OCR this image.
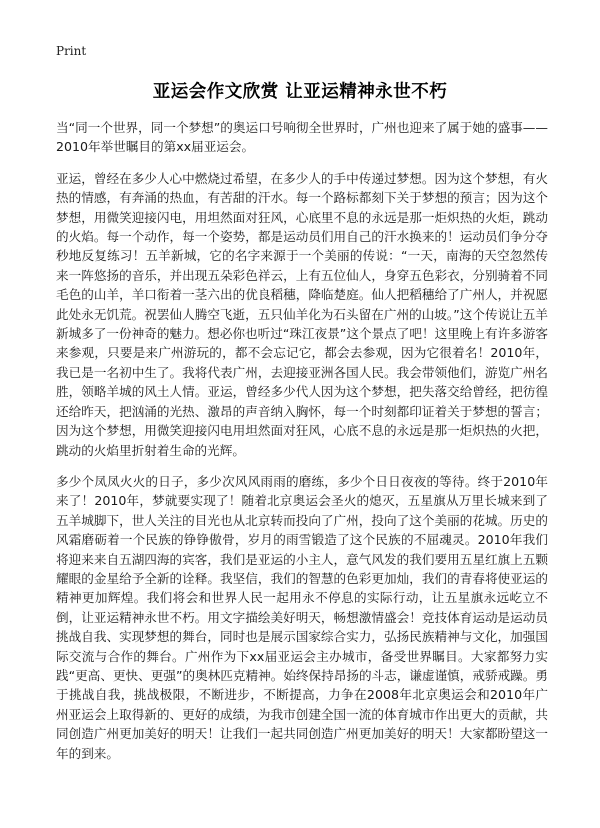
Print
亚运会作文欣赏 让亚运精神永世不朽

当“同一个世界，同一个梦想”的奥运口号响彻全世界时，广州也迎来了属于她的盛事——2010年举世瞩目的第xx届亚运会。

亚运，曾经在多少人心中燃烧过希望，在多少人的手中传递过梦想。因为这个梦想，有火热的情感，有奔涌的热血，有苦甜的汗水。每一个路标都刻下关于梦想的预言；因为这个梦想，用微笑迎接闪电，用坦然面对狂风，心底里不息的永远是那一炬炽热的火炬，跳动的火焰。每一个动作，每一个姿势，都是运动员们用自己的汗水换来的！运动员们争分夺秒地反复练习！五羊新城，它的名字来源于一个美丽的传说：“一天，南海的天空忽然传来一阵悠扬的音乐，并出现五朵彩色祥云，上有五位仙人，身穿五色彩衣，分别骑着不同毛色的山羊，羊口衔着一茎六出的优良稻穗，降临楚庭。仙人把稻穗给了广州人，并祝愿此处永无饥荒。祝罢仙人腾空飞逝，五只仙羊化为石头留在广州的山坡。”这个传说让五羊新城多了一份神奇的魅力。想必你也听过“珠江夜景”这个景点了吧！这里晚上有许多游客来参观，只要是来广州游玩的，都不会忘记它，都会去参观，因为它很着名！2010年，我已是一名初中生了。我将代表广州，去迎接亚洲各国人民。我会带领他们，游览广州名胜，领略羊城的风土人情。亚运，曾经多少代人因为这个梦想，把失落交给曾经，把彷徨还给昨天，把汹涌的光热、激昂的声音纳入胸怀，每一个时刻都印证着关于梦想的誓言；因为这个梦想，用微笑迎接闪电用坦然面对狂风，心底不息的永远是那一炬炽热的火把，跳动的火焰里折射着生命的光辉。

多少个凤凤火火的日子，多少次风风雨雨的磨练，多少个日日夜夜的等待。终于2010年来了！2010年，梦就要实现了！随着北京奥运会圣火的熄灭，五星旗从万里长城来到了五羊城脚下，世人关注的目光也从北京转而投向了广州，投向了这个美丽的花城。历史的风霜磨砺着一个民族的铮铮傲骨，岁月的雨雪锻造了这个民族的不屈魂灵。2010年我们将迎来来自五湖四海的宾客，我们是亚运的小主人，意气风发的我们要用五星红旗上五颗耀眼的金星给予全新的诠释。我坚信，我们的智慧的色彩更加灿，我们的青春将使亚运的精神更加辉煌。我们将会和世界人民一起用永不停息的实际行动，让五星旗永远屹立不倒，让亚运精神永世不朽。用文字描绘美好明天，畅想激情盛会！竞技体育运动是运动员挑战自我、实现梦想的舞台，同时也是展示国家综合实力，弘扬民族精神与文化，加强国际交流与合作的舞台。广州作为下xx届亚运会主办城市，备受世界瞩目。大家都努力实践“更高、更快、更强”的奥林匹克精神。始终保持昂扬的斗志，谦虚谨慎，戒骄戒躁。勇于挑战自我，挑战极限，不断进步，不断提高，力争在2008年北京奥运会和2010年广州亚运会上取得新的、更好的成绩，为我市创建全国一流的体育城市作出更大的贡献，共同创造广州更加美好的明天！让我们一起共同创造广州更加美好的明天！大家都盼望这一年的到来。
